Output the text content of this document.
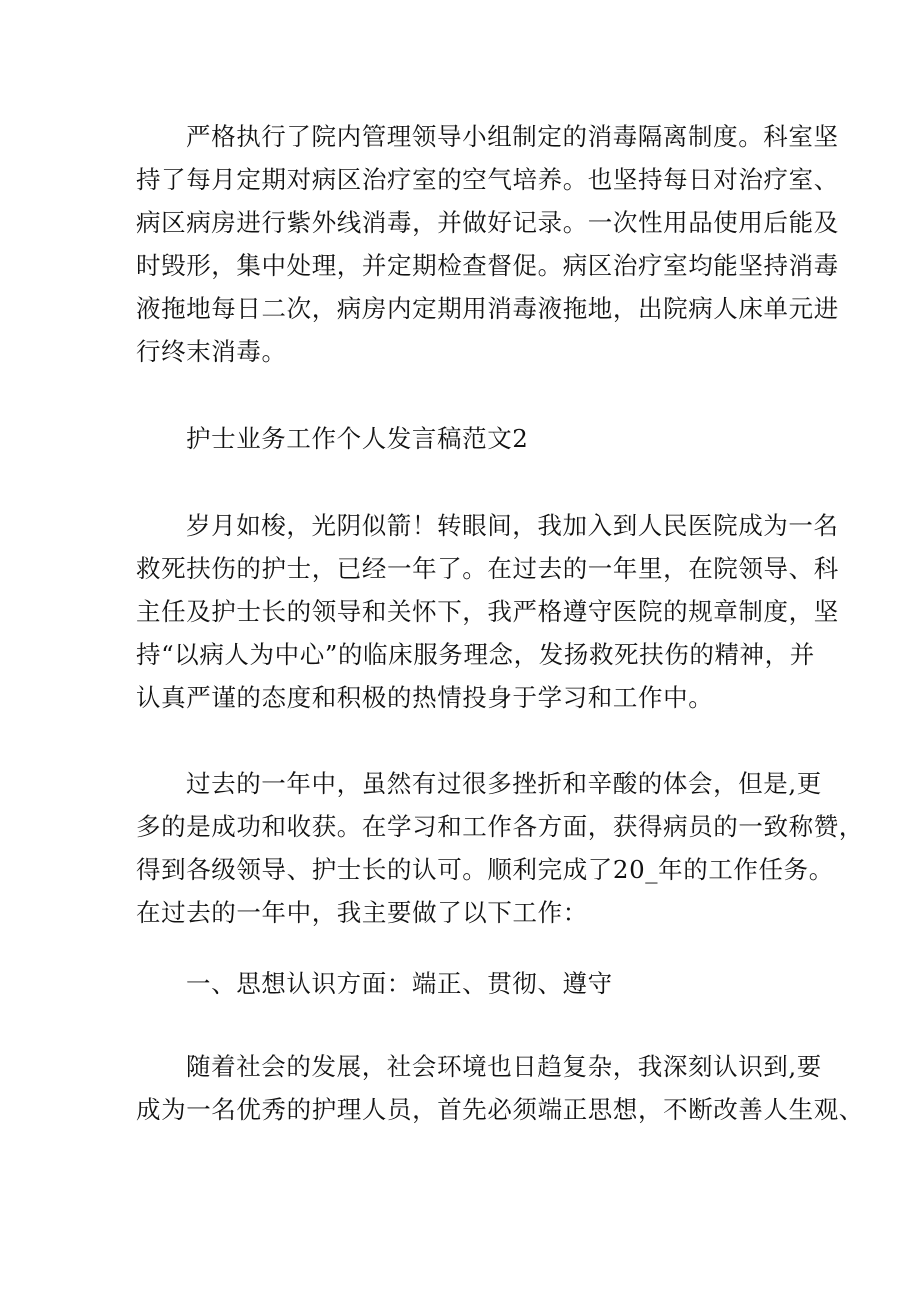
严格执行了院内管理领导小组制定的消毒隔离制度。科室坚
持了每月定期对病区治疗室的空气培养。也坚持每日对治疗室、
病区病房进行紫外线消毒，并做好记录。一次性用品使用后能及
时毁形，集中处理，并定期检查督促。病区治疗室均能坚持消毒
液拖地每日二次，病房内定期用消毒液拖地，出院病人床单元进
行终末消毒。
护士业务工作个人发言稿范文2
岁月如梭，光阴似箭！转眼间，我加入到人民医院成为一名
救死扶伤的护士，已经一年了。在过去的一年里，在院领导、科
主任及护士长的领导和关怀下，我严格遵守医院的规章制度，坚
持“以病人为中心”的临床服务理念，发扬救死扶伤的精神，并
认真严谨的态度和积极的热情投身于学习和工作中。
过去的一年中，虽然有过很多挫折和辛酸的体会，但是,更
多的是成功和收获。在学习和工作各方面，获得病员的一致称赞，
得到各级领导、护士长的认可。顺利完成了20_年的工作任务。
在过去的一年中，我主要做了以下工作：
一、思想认识方面：端正、贯彻、遵守
随着社会的发展，社会环境也日趋复杂，我深刻认识到,要
成为一名优秀的护理人员，首先必须端正思想，不断改善人生观、
